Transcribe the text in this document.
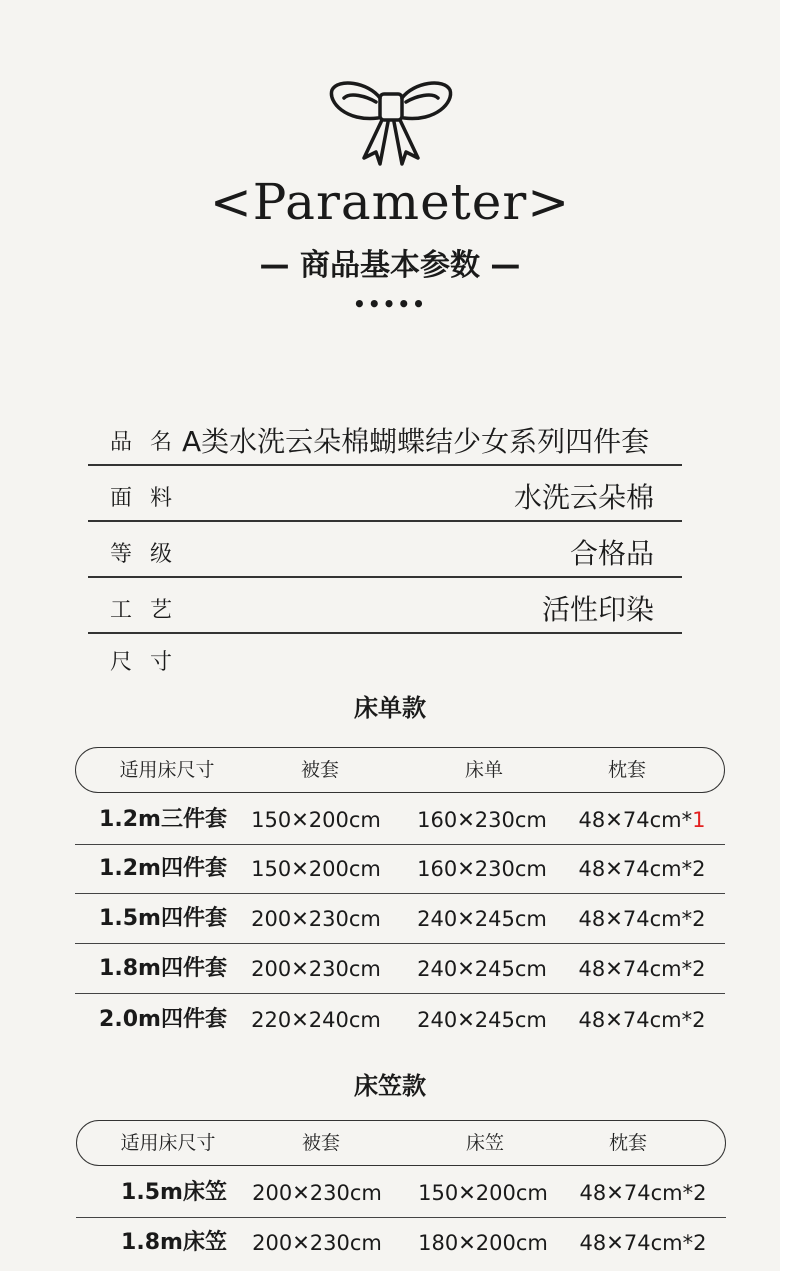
<Parameter>
— 商品基本参数 —
•••••
品名
A类水洗云朵棉蝴蝶结少女系列四件套
面料	水洗云朵棉
等级	合格品
工艺	活性印染
尺寸
床单款
适用床尺寸	被套	床单	枕套
1.2m三件套 150✕200cm 160✕230cm	48✕74cm*1
1.2m四件套 150✕200cm 160✕230cm	48✕74cm*2
1.5m四件套 200✕230cm 240✕245cm	48✕74cm*2
1.8m四件套 200✕230cm 240✕245cm	48✕74cm*2
2.0m四件套 220✕240cm 240✕245cm	48✕74cm*2
床笠款
适用床尺寸	被套	床笠	枕套
1.5m床笠	200✕230cm 150✕200cm	48✕74cm*2
1.8m床笠	200✕230cm 180✕200cm	48✕74cm*2
